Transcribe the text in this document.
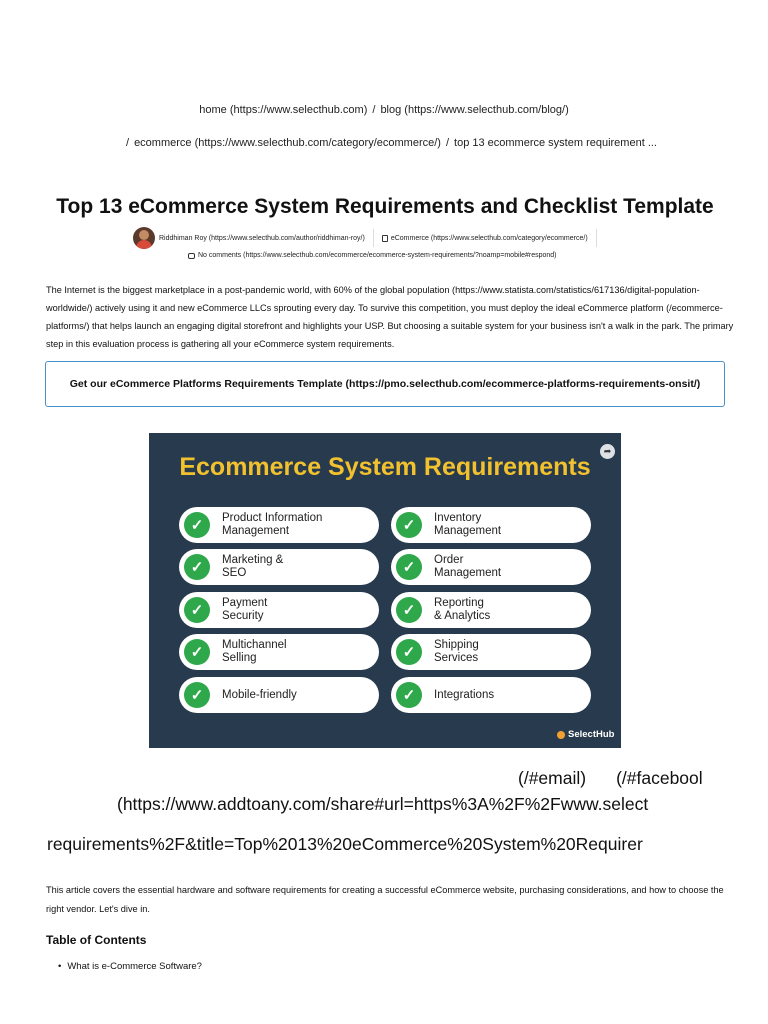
home (https://www.selecthub.com) / blog (https://www.selecthub.com/blog/)
/ ecommerce (https://www.selecthub.com/category/ecommerce/) / top 13 ecommerce system requirement ...
Top 13 eCommerce System Requirements and Checklist Template
Riddhiman Roy (https://www.selecthub.com/author/riddhiman-roy/)	eCommerce (https://www.selecthub.com/category/ecommerce/)
No comments (https://www.selecthub.com/ecommerce/ecommerce-system-requirements/?noamp=mobile#respond)

The Internet is the biggest marketplace in a post-pandemic world, with 60% of the global population (https://www.statista.com/statistics/617136/digital-population-worldwide/) actively using it and new eCommerce LLCs sprouting every day. To survive this competition, you must deploy the ideal eCommerce platform (/ecommerce-platforms/) that helps launch an engaging digital storefront and highlights your USP. But choosing a suitable system for your business isn't a walk in the park. The primary step in this evaluation process is gathering all your eCommerce system requirements.

Get our eCommerce Platforms Requirements Template (https://pmo.selecthub.com/ecommerce-platforms-requirements-onsit/)
Ecommerce System Requirements
➦
✓	Product Information
Management	✓	Inventory
Management
✓	Marketing &
SEO	✓	Order
Management
✓	Payment
Security	✓	Reporting
& Analytics
✓	Multichannel
Selling	✓	Shipping
Services
✓	Mobile-friendly	✓	Integrations
SelectHub
(/#email) (/#facebool
(https://www.addtoany.com/share#url=https%3A%2F%2Fwww.select
requirements%2F&title=Top%2013%20eCommerce%20System%20Requirer

This article covers the essential hardware and software requirements for creating a successful eCommerce website, purchasing considerations, and how to choose the right vendor. Let's dive in.

Table of Contents
• What is e-Commerce Software?
